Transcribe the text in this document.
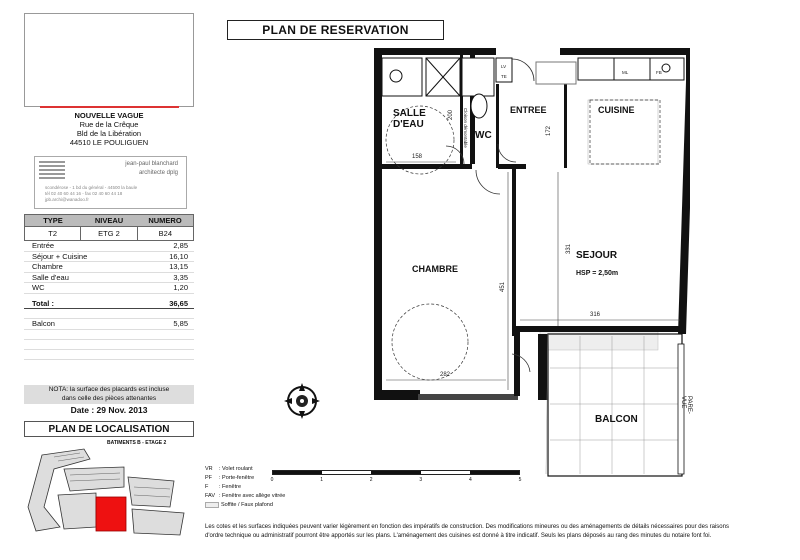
NOUVELLE VAGUE
Rue de la Crêque
Bld de la Libération
44510 LE POULIGUEN
jean-paul blanchard
architecte dplg
scondérose - 1 bd du général - 44500 la baule
tél 02 40 60 44 16 - fax 02 40 60 44 18
jpb.archi@wanadoo.fr
TYPE	NIVEAU	NUMERO
T2	ETG 2	B24
Entrée	2,85
Séjour + Cuisine	16,10
Chambre	13,15
Salle d'eau	3,35
WC	1,20
Total :	36,65
Balcon	5,85
NOTA: la surface des placards est incluse
dans celle des pièces attenantes
Date : 29 Nov. 2013
PLAN DE LOCALISATION
BATIMENTS B - ETAGE 2
PLAN DE RESERVATION
SALLE
D'EAU
WC
ENTREE	CUISINE
CHAMBRE
SEJOUR
HSP = 2,50m
BALCON
200
158
172
451
331
316
282
Cloison démontable
PARE-VUE
LV
TE
ML	FB
VR : Volet roulant
PF : Porte-fenêtre
F : Fenêtre
FAV : Fenêtre avec allège vitrée
Soffite / Faux plafond
0	1	2	3	4	5
Les cotes et les surfaces indiquées peuvent varier légèrement en fonction des impératifs de construction. Des modifications mineures ou des aménagements de détails nécessaires pour des raisons
d'ordre technique ou administratif pourront être apportés sur les plans. L'aménagement des cuisines est donné à titre indicatif. Seuls les plans déposés au rang des minutes du notaire font foi.
